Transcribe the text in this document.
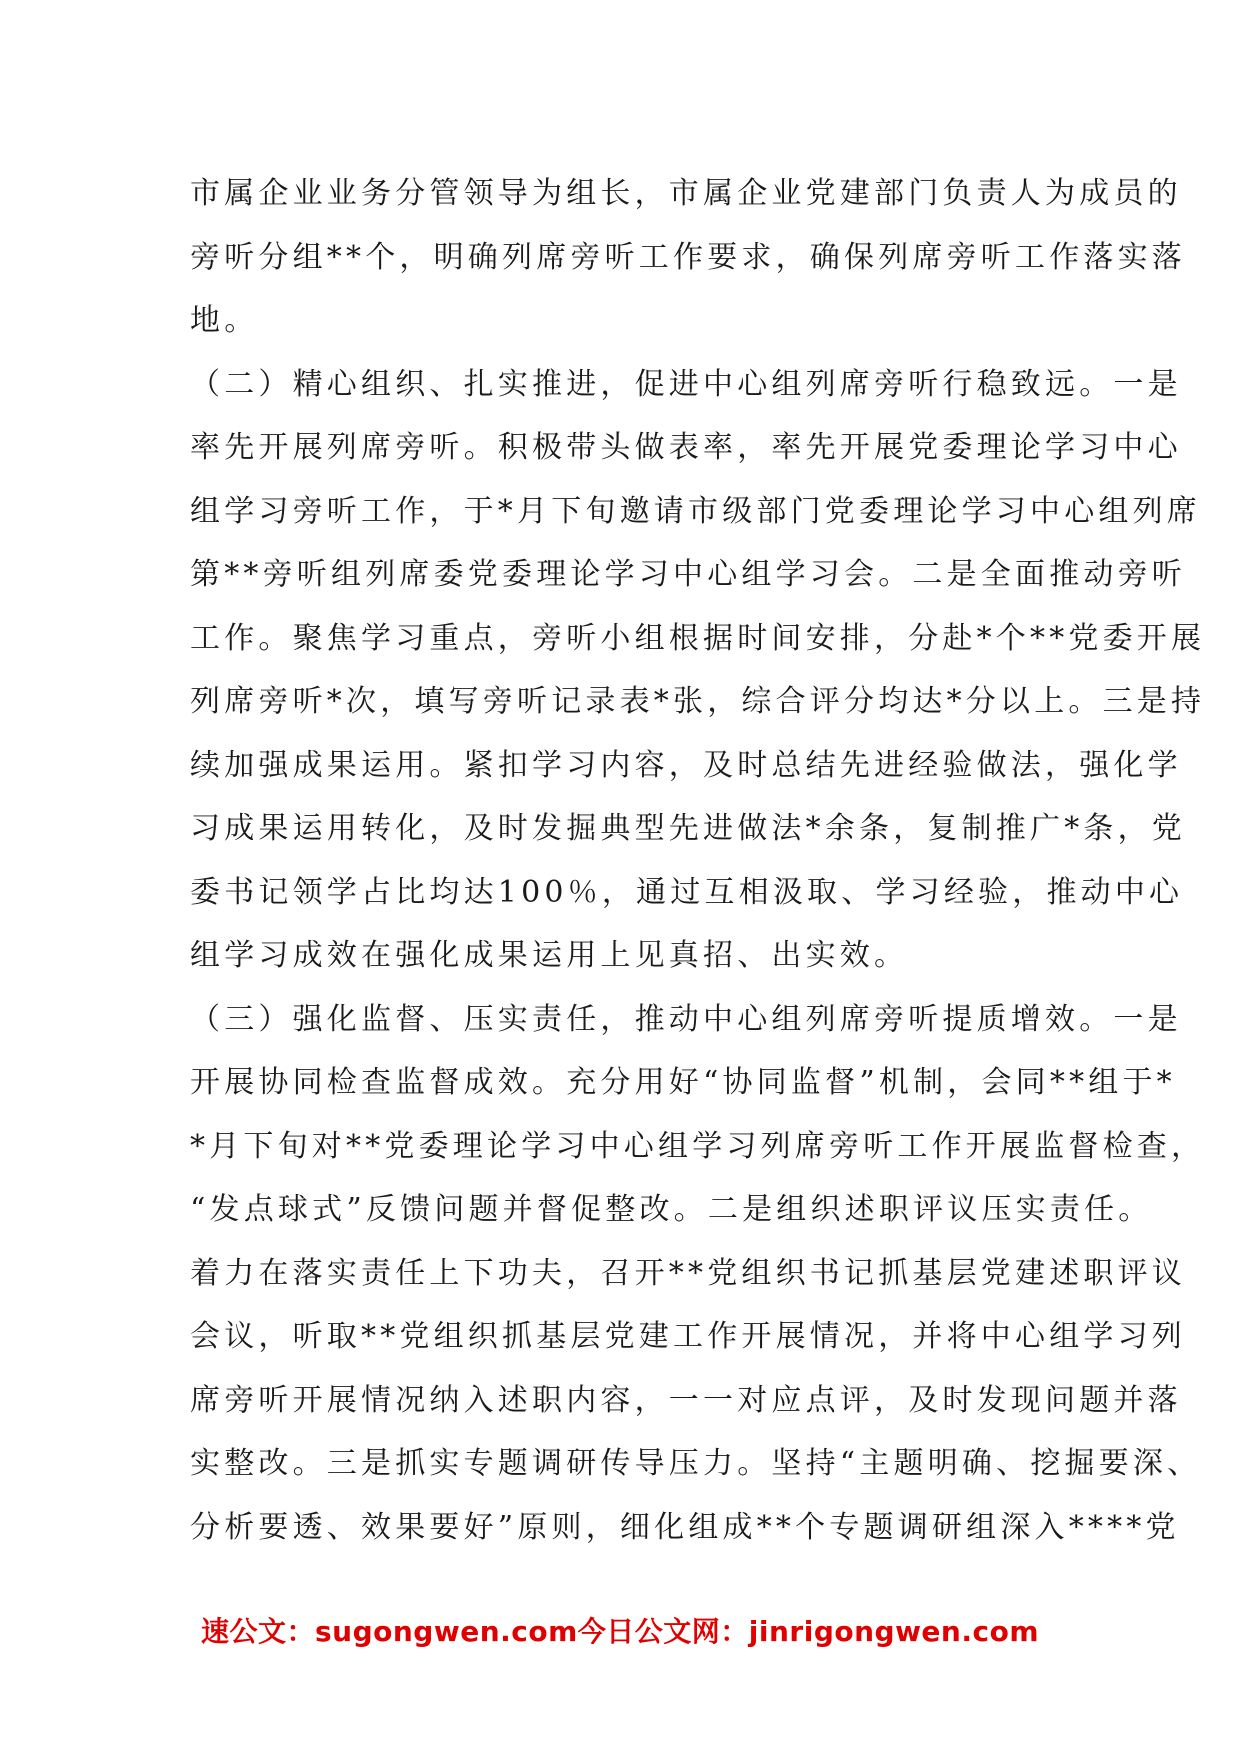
市属企业业务分管领导为组长，市属企业党建部门负责人为成员的
旁听分组**个，明确列席旁听工作要求，确保列席旁听工作落实落
地。
（二）精心组织、扎实推进，促进中心组列席旁听行稳致远。一是
率先开展列席旁听。积极带头做表率，率先开展党委理论学习中心
组学习旁听工作，于*月下旬邀请市级部门党委理论学习中心组列席
第**旁听组列席委党委理论学习中心组学习会。二是全面推动旁听
工作。聚焦学习重点，旁听小组根据时间安排，分赴*个**党委开展
列席旁听*次，填写旁听记录表*张，综合评分均达*分以上。三是持
续加强成果运用。紧扣学习内容，及时总结先进经验做法，强化学
习成果运用转化，及时发掘典型先进做法*余条，复制推广*条，党
委书记领学占比均达100％，通过互相汲取、学习经验，推动中心
组学习成效在强化成果运用上见真招、出实效。
（三）强化监督、压实责任，推动中心组列席旁听提质增效。一是
开展协同检查监督成效。充分用好“协同监督”机制，会同**组于*
*月下旬对**党委理论学习中心组学习列席旁听工作开展监督检查，
“发点球式”反馈问题并督促整改。二是组织述职评议压实责任。
着力在落实责任上下功夫，召开**党组织书记抓基层党建述职评议
会议，听取**党组织抓基层党建工作开展情况，并将中心组学习列
席旁听开展情况纳入述职内容，一一对应点评，及时发现问题并落
实整改。三是抓实专题调研传导压力。坚持“主题明确、挖掘要深、
分析要透、效果要好”原则，细化组成**个专题调研组深入****党
速公文：sugongwen.com今日公文网：jinrigongwen.com
